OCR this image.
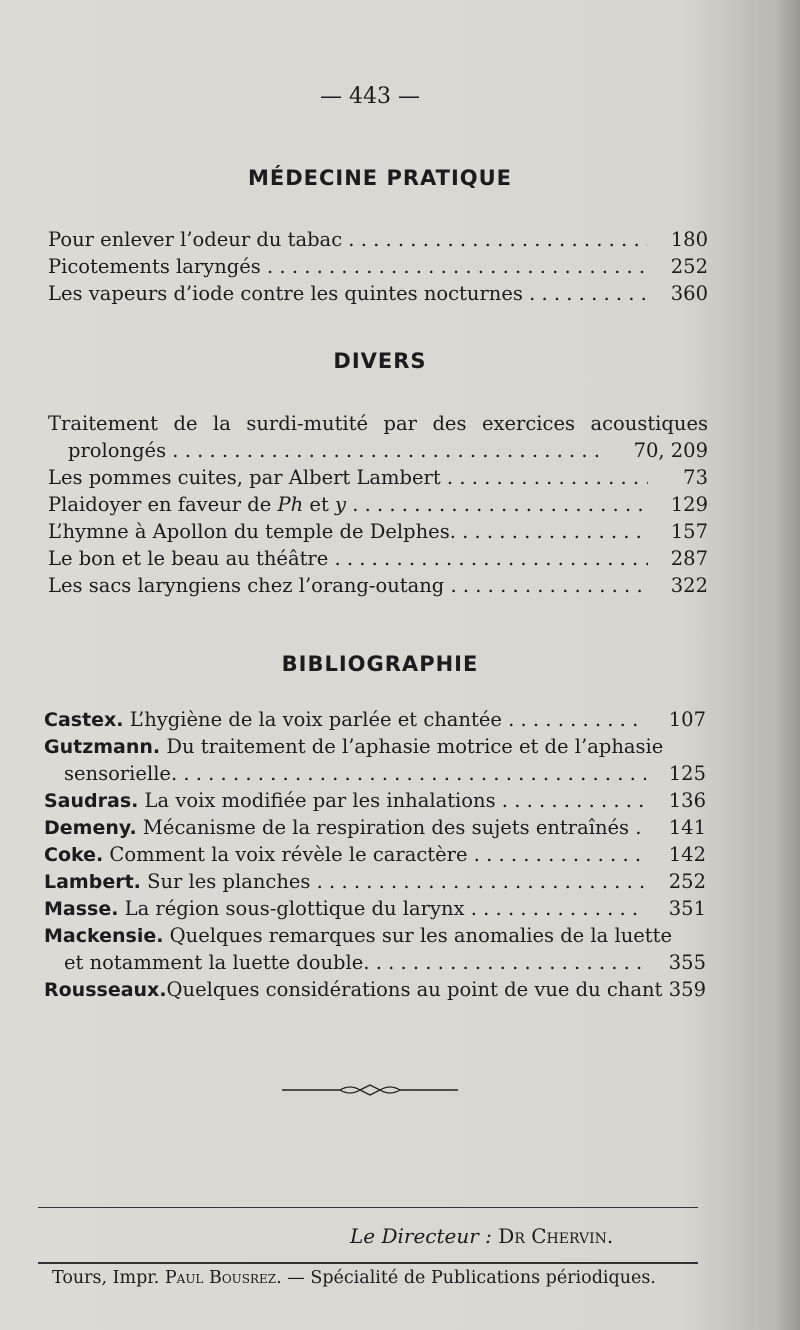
— 443 —
MÉDECINE PRATIQUE
Pour enlever l’odeur du tabac . . .	180
Picotements laryngés . . .	252
Les vapeurs d’iode contre les quintes nocturnes . . .	360
DIVERS
Traitement de la surdi-mutité par des exercices acoustiques
prolongés . . .	70, 209
Les pommes cuites, par Albert Lambert . . .	73
Plaidoyer en faveur de Ph et y . . .	129
L’hymne à Apollon du temple de Delphes. . . .	157
Le bon et le beau au théâtre . . .	287
Les sacs laryngiens chez l’orang-outang . . .	322
BIBLIOGRAPHIE
Castex. L’hygiène de la voix parlée et chantée . . .	107
Gutzmann. Du traitement de l’aphasie motrice et de l’aphasie
sensorielle. . . .	125
Saudras. La voix modifiée par les inhalations . . .	136
Demeny. Mécanisme de la respiration des sujets entraînés . . .	141
Coke. Comment la voix révèle le caractère . . .	142
Lambert. Sur les planches . . .	252
Masse. La région sous-glottique du larynx . . .	351
Mackensie. Quelques remarques sur les anomalies de la luette
et notamment la luette double. . . .	355
Rousseaux.Quelques considérations au point de vue du chant 359
Le Directeur : Dr Chervin.
Tours, Impr. Paul Bousrez. — Spécialité de Publications périodiques.
